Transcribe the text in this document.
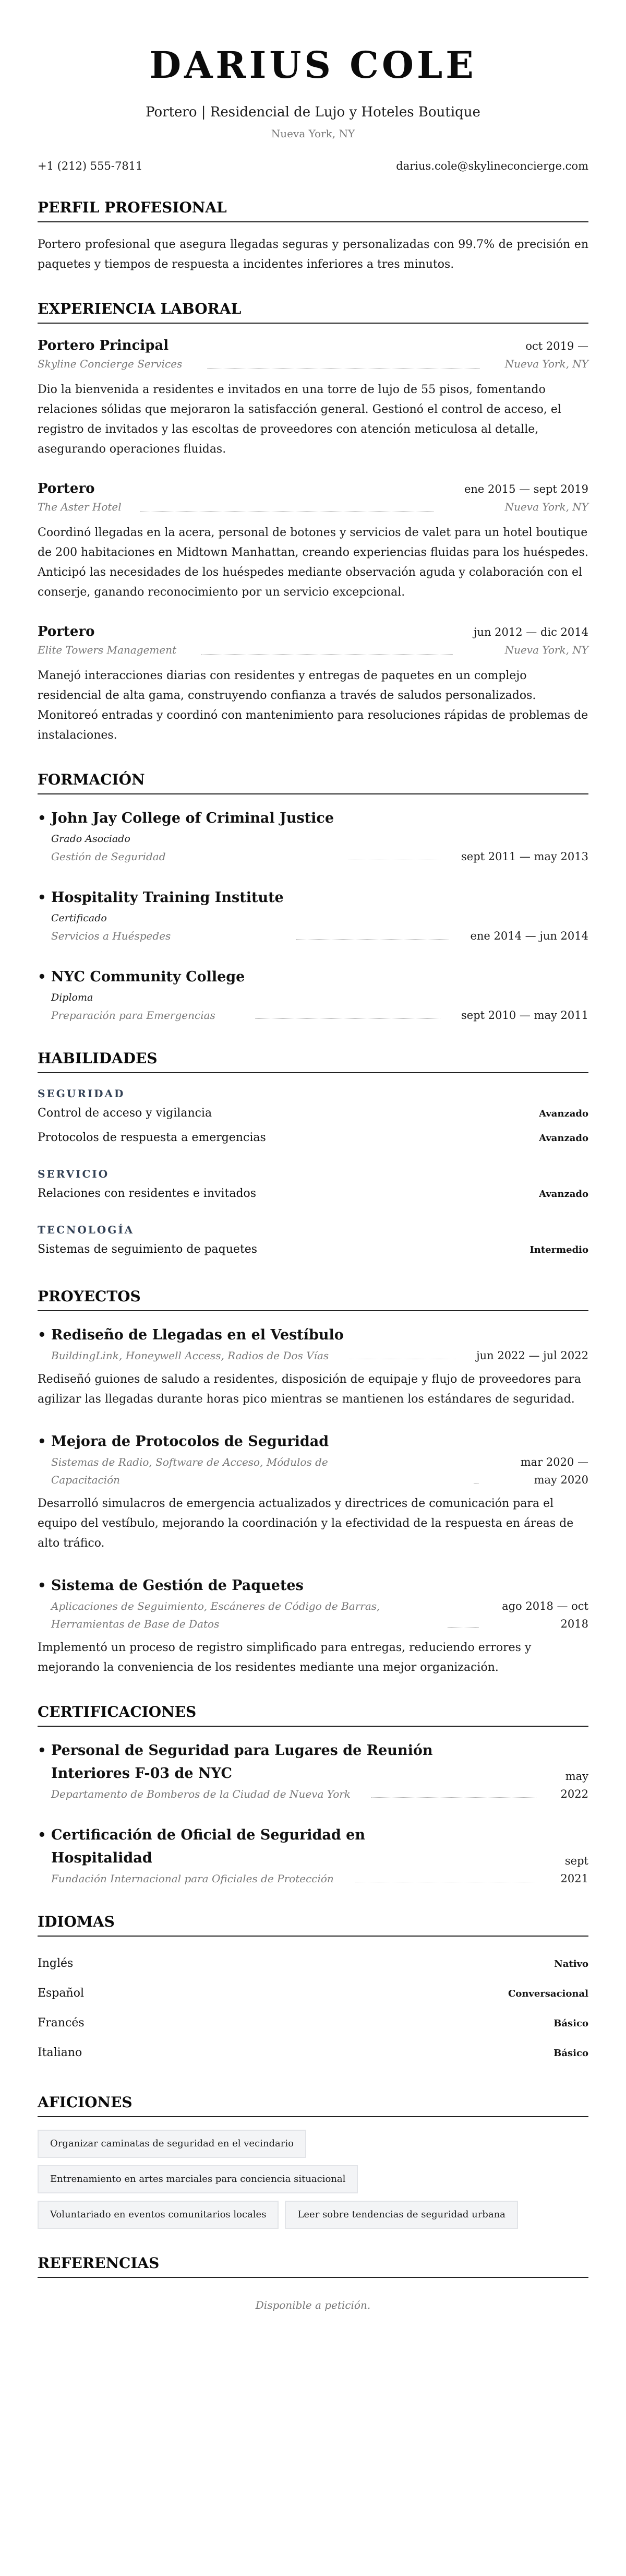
DARIUS COLE
Portero | Residencial de Lujo y Hoteles Boutique
Nueva York, NY
+1 (212) 555-7811	darius.cole@skylineconcierge.com
PERFIL PROFESIONAL

Portero profesional que asegura llegadas seguras y personalizadas con 99.7% de precisión en paquetes y tiempos de respuesta a incidentes inferiores a tres minutos.

EXPERIENCIA LABORAL
Portero Principal	oct 2019 —
Skyline Concierge Services	Nueva York, NY

Dio la bienvenida a residentes e invitados en una torre de lujo de 55 pisos, fomentando relaciones sólidas que mejoraron la satisfacción general. Gestionó el control de acceso, el registro de invitados y las escoltas de proveedores con atención meticulosa al detalle, asegurando operaciones fluidas.

Portero	ene 2015 — sept 2019
The Aster Hotel	Nueva York, NY

Coordinó llegadas en la acera, personal de botones y servicios de valet para un hotel boutique de 200 habitaciones en Midtown Manhattan, creando experiencias fluidas para los huéspedes. Anticipó las necesidades de los huéspedes mediante observación aguda y colaboración con el conserje, ganando reconocimiento por un servicio excepcional.

Portero	jun 2012 — dic 2014
Elite Towers Management	Nueva York, NY

Manejó interacciones diarias con residentes y entregas de paquetes en un complejo residencial de alta gama, construyendo confianza a través de saludos personalizados. Monitoreó entradas y coordinó con mantenimiento para resoluciones rápidas de problemas de instalaciones.

FORMACIÓN
• John Jay College of Criminal Justice
Grado Asociado
Gestión de Seguridad	sept 2011 — may 2013
• Hospitality Training Institute
Certificado
Servicios a Huéspedes	ene 2014 — jun 2014
• NYC Community College
Diploma
Preparación para Emergencias	sept 2010 — may 2011
HABILIDADES
SEGURIDAD
Control de acceso y vigilancia	Avanzado
Protocolos de respuesta a emergencias	Avanzado
SERVICIO
Relaciones con residentes e invitados	Avanzado
TECNOLOGÍA
Sistemas de seguimiento de paquetes	Intermedio
PROYECTOS
• Rediseño de Llegadas en el Vestíbulo
BuildingLink, Honeywell Access, Radios de Dos Vías	jun 2022 — jul 2022

Rediseñó guiones de saludo a residentes, disposición de equipaje y flujo de proveedores para agilizar las llegadas durante horas pico mientras se mantienen los estándares de seguridad.

• Mejora de Protocolos de Seguridad
Sistemas de Radio, Software de Acceso, Módulos de Capacitación
mar 2020 — may 2020

Desarrolló simulacros de emergencia actualizados y directrices de comunicación para el equipo del vestíbulo, mejorando la coordinación y la efectividad de la respuesta en áreas de alto tráfico.

• Sistema de Gestión de Paquetes
Aplicaciones de Seguimiento, Escáneres de Código de Barras, Herramientas de Base de Datos
ago 2018 — oct 2018

Implementó un proceso de registro simplificado para entregas, reduciendo errores y mejorando la conveniencia de los residentes mediante una mejor organización.

CERTIFICACIONES
• Personal de Seguridad para Lugares de Reunión Interiores F-03 de NYC
Departamento de Bomberos de la Ciudad de Nueva York
may 2022
• Certificación de Oficial de Seguridad en Hospitalidad
Fundación Internacional para Oficiales de Protección
sept 2021
IDIOMAS
Inglés	Nativo
Español	Conversacional
Francés	Básico
Italiano	Básico
AFICIONES
Organizar caminatas de seguridad en el vecindario
Entrenamiento en artes marciales para conciencia situacional
Voluntariado en eventos comunitarios locales	Leer sobre tendencias de seguridad urbana
REFERENCIAS

Disponible a petición.
